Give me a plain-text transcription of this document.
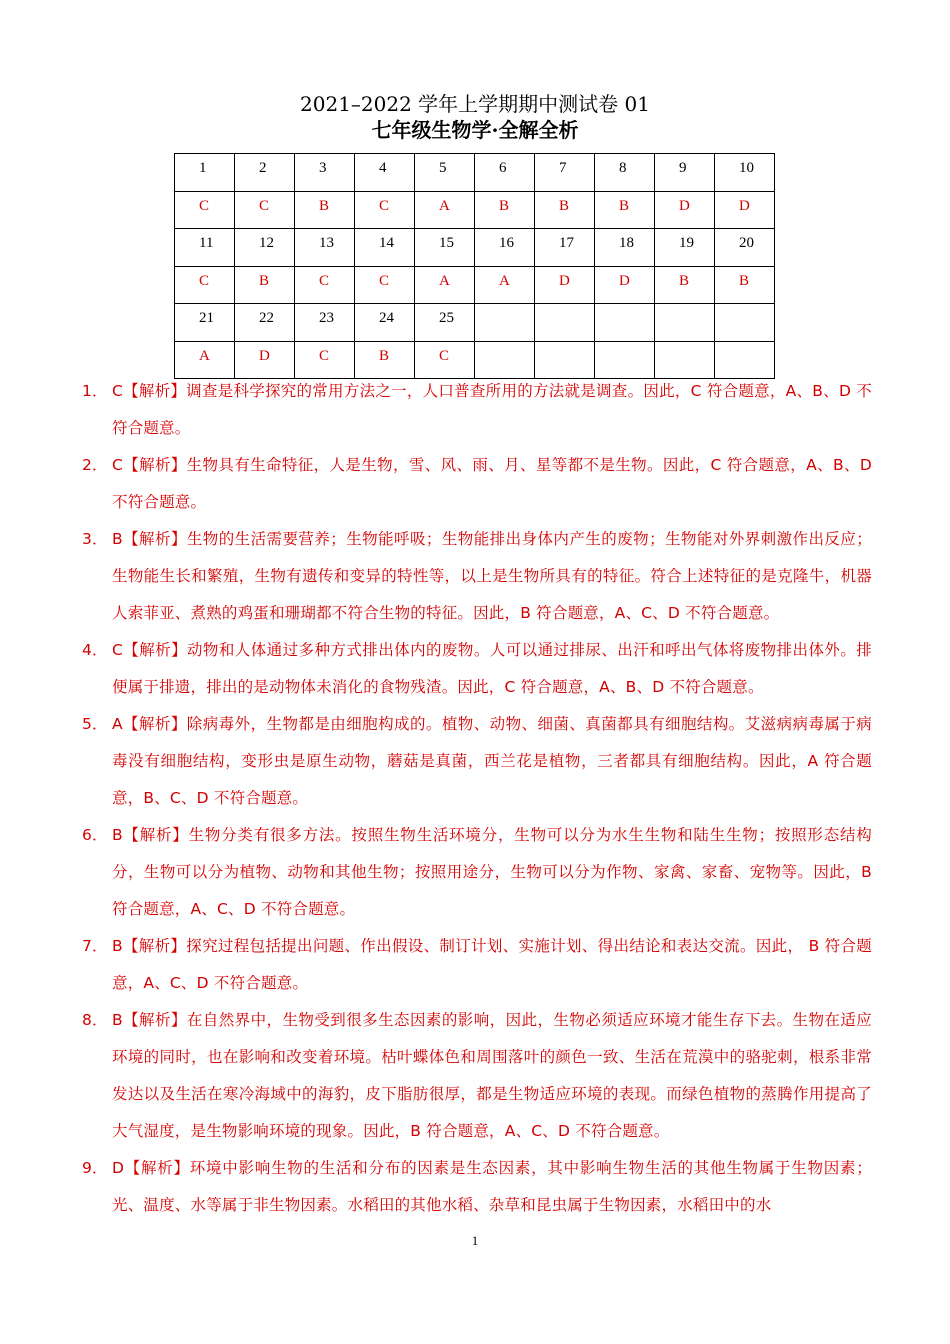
2021–2022 学年上学期期中测试卷 01
七年级生物学·全解全析
1	2	3	4	5	6	7	8	9	10
C	C	B	C	A	B	B	B	D	D
11	12	13	14	15	16	17	18	19	20
C	B	C	C	A	A	D	D	B	B
21	22	23	24	25					
A	D	C	B	C					
1． C【解析】调查是科学探究的常用方法之一，人口普查所用的方法就是调查。因此，C 符合题意，A、B、D 不符合题意。
2． C【解析】生物具有生命特征，人是生物，雪、风、雨、月、星等都不是生物。因此，C 符合题意，A、B、D 不符合题意。
3． B【解析】生物的生活需要营养；生物能呼吸；生物能排出身体内产生的废物；生物能对外界刺激作出反应；生物能生长和繁殖，生物有遗传和变异的特性等，以上是生物所具有的特征。符合上述特征的是克隆牛，机器人索菲亚、煮熟的鸡蛋和珊瑚都不符合生物的特征。因此，B 符合题意，A、C、D 不符合题意。
4． C【解析】动物和人体通过多种方式排出体内的废物。人可以通过排尿、出汗和呼出气体将废物排出体外。排便属于排遗，排出的是动物体未消化的食物残渣。因此，C 符合题意，A、B、D 不符合题意。
5． A【解析】除病毒外，生物都是由细胞构成的。植物、动物、细菌、真菌都具有细胞结构。艾滋病病毒属于病毒没有细胞结构，变形虫是原生动物，蘑菇是真菌，西兰花是植物，三者都具有细胞结构。因此，A 符合题意，B、C、D 不符合题意。
6． B【解析】生物分类有很多方法。按照生物生活环境分，生物可以分为水生生物和陆生生物；按照形态结构分，生物可以分为植物、动物和其他生物；按照用途分，生物可以分为作物、家禽、家畜、宠物等。因此，B 符合题意，A、C、D 不符合题意。
7． B【解析】探究过程包括提出问题、作出假设、制订计划、实施计划、得出结论和表达交流。因此， B 符合题意，A、C、D 不符合题意。
8． B【解析】在自然界中，生物受到很多生态因素的影响，因此，生物必须适应环境才能生存下去。生物在适应环境的同时，也在影响和改变着环境。枯叶蝶体色和周围落叶的颜色一致、生活在荒漠中的骆驼刺，根系非常发达以及生活在寒冷海域中的海豹，皮下脂肪很厚，都是生物适应环境的表现。而绿色植物的蒸腾作用提高了大气湿度，是生物影响环境的现象。因此，B 符合题意，A、C、D 不符合题意。
9． D【解析】环境中影响生物的生活和分布的因素是生态因素，其中影响生物生活的其他生物属于生物因素；光、温度、水等属于非生物因素。水稻田的其他水稻、杂草和昆虫属于生物因素，水稻田中的水
1
